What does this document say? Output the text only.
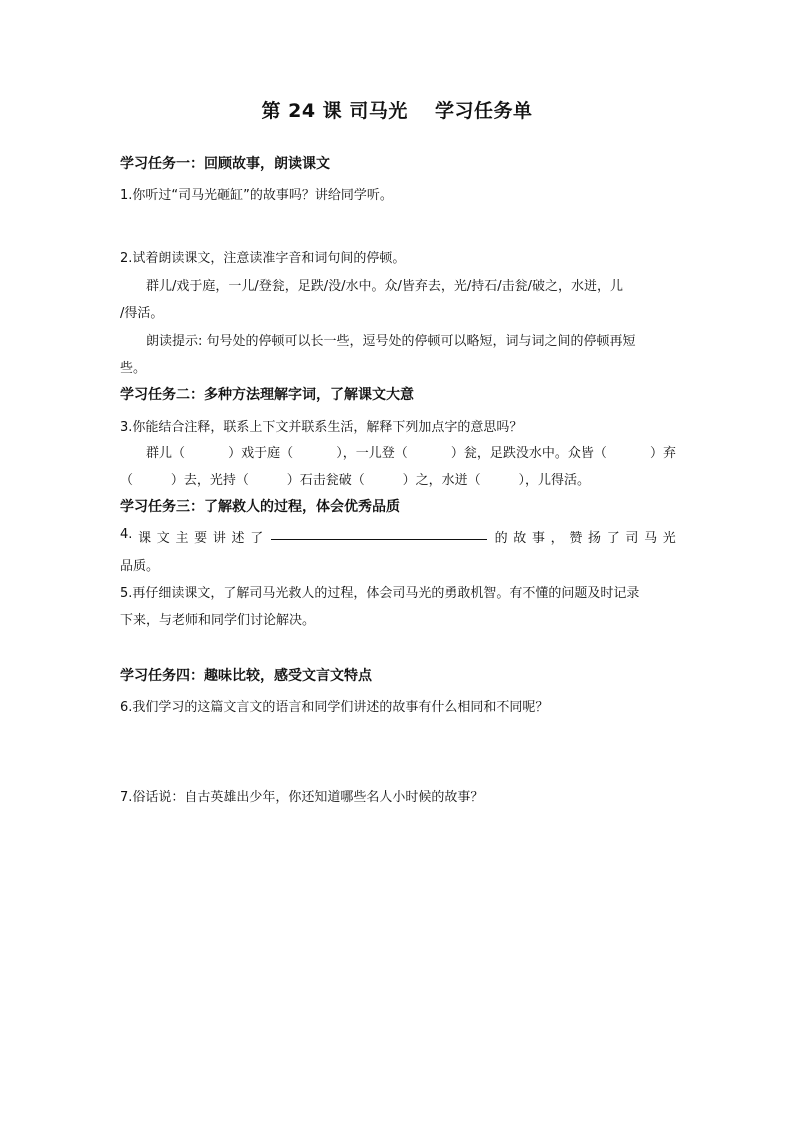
第 24 课 司马光 学习任务单
学习任务一：回顾故事，朗读课文
1.你听过“司马光砸缸”的故事吗？讲给同学听。
2.试着朗读课文，注意读准字音和词句间的停顿。
群儿/戏于庭，一儿/登瓮，足跌/没/水中。众/皆弃去，光/持石/击瓮/破之，水迸，儿
/得活。
朗读提示: 句号处的停顿可以长一些，逗号处的停顿可以略短，词与词之间的停顿再短
些。
学习任务二：多种方法理解字词，了解课文大意
3.你能结合注释，联系上下文并联系生活，解释下列加点字的意思吗？
群儿（	）戏于庭（	），一儿登（	）瓮，足跌没水中。众皆（	）弃
（	）去，光持（	）石击瓮破（	）之，水迸（	），儿得活。
学习任务三：了解救人的过程，体会优秀品质
4. 课 文 主 要 讲 述 了	的 故 事 ， 赞 扬 了 司 马 光
品质。
5.再仔细读课文，了解司马光救人的过程，体会司马光的勇敢机智。有不懂的问题及时记录
下来，与老师和同学们讨论解决。
学习任务四：趣味比较，感受文言文特点
6.我们学习的这篇文言文的语言和同学们讲述的故事有什么相同和不同呢？
7.俗话说：自古英雄出少年，你还知道哪些名人小时候的故事？
